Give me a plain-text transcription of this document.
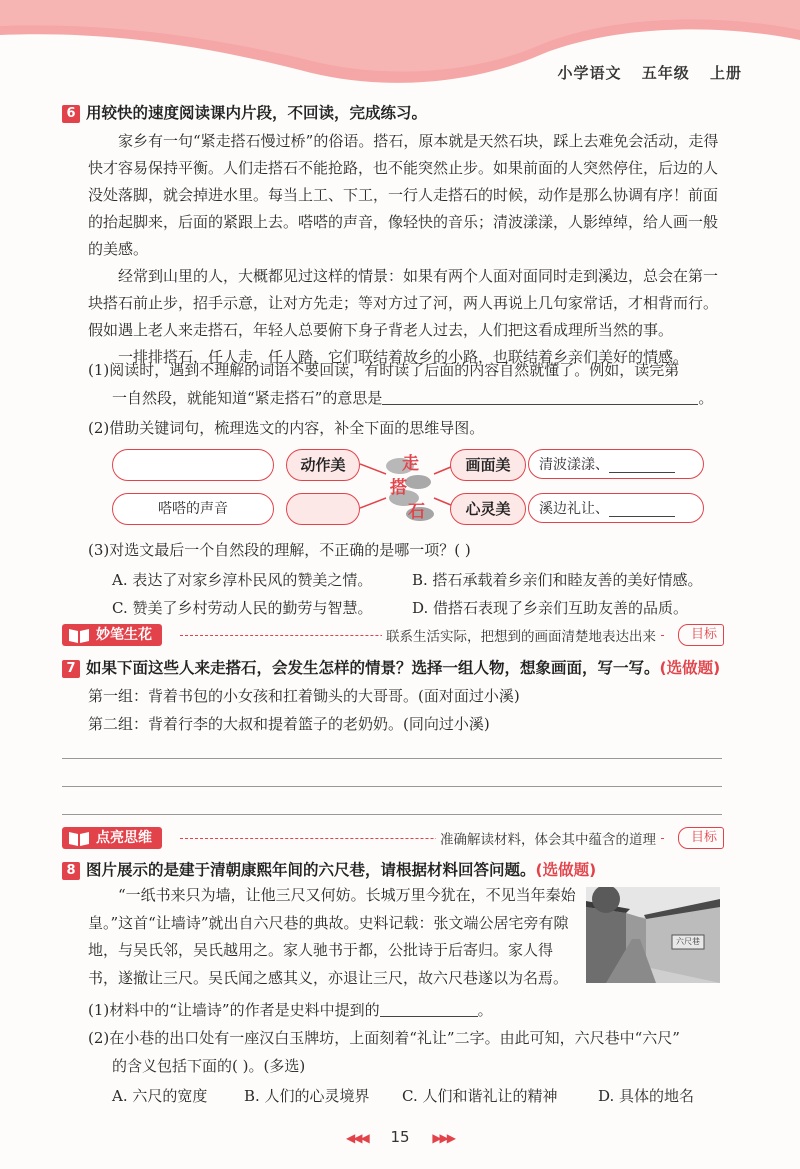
小学语文 五年级 上册
6 用较快的速度阅读课内片段，不回读，完成练习。

家乡有一句“紧走搭石慢过桥”的俗语。搭石，原本就是天然石块，踩上去难免会活动，走得快才容易保持平衡。人们走搭石不能抢路，也不能突然止步。如果前面的人突然停住，后边的人没处落脚，就会掉进水里。每当上工、下工，一行人走搭石的时候，动作是那么协调有序！前面的抬起脚来，后面的紧跟上去。嗒嗒的声音，像轻快的音乐；清波漾漾，人影绰绰，给人画一般的美感。

经常到山里的人，大概都见过这样的情景：如果有两个人面对面同时走到溪边，总会在第一块搭石前止步，招手示意，让对方先走；等对方过了河，两人再说上几句家常话，才相背而行。假如遇上老人来走搭石，年轻人总要俯下身子背老人过去，人们把这看成理所当然的事。

一排排搭石，任人走，任人踏，它们联结着故乡的小路，也联结着乡亲们美好的情感。

(1)阅读时，遇到不理解的词语不要回读，有时读了后面的内容自然就懂了。例如，读完第
一自然段，就能知道“紧走搭石”的意思是	。
(2)借助关键词句，梳理选文的内容，补全下面的思维导图。
动作美
嗒嗒的声音
走
搭
石
画面美	清波漾漾、
心灵美	溪边礼让、
(3)对选文最后一个自然段的理解，不正确的是哪一项？( )
A. 表达了对家乡淳朴民风的赞美之情。	B. 搭石承载着乡亲们和睦友善的美好情感。
C. 赞美了乡村劳动人民的勤劳与智慧。	D. 借搭石表现了乡亲们互助友善的品质。
妙笔生花	联系生活实际，把想到的画面清楚地表达出来	目标
7 如果下面这些人来走搭石，会发生怎样的情景？选择一组人物，想象画面，写一写。(选做题)
第一组：背着书包的小女孩和扛着锄头的大哥哥。(面对面过小溪)
第二组：背着行李的大叔和提着篮子的老奶奶。(同向过小溪)
点亮思维	准确解读材料，体会其中蕴含的道理	目标
8 图片展示的是建于清朝康熙年间的六尺巷，请根据材料回答问题。(选做题)

“一纸书来只为墙，让他三尺又何妨。长城万里今犹在，不见当年秦始皇。”这首“让墙诗”就出自六尺巷的典故。史料记载：张文端公居宅旁有隙地，与吴氏邻，吴氏越用之。家人驰书于都，公批诗于后寄归。家人得书，遂撤让三尺。吴氏闻之感其义，亦退让三尺，故六尺巷遂以为名焉。

六尺巷
(1)材料中的“让墙诗”的作者是史料中提到的	。
(2)在小巷的出口处有一座汉白玉牌坊，上面刻着“礼让”二字。由此可知，六尺巷中“六尺”
的含义包括下面的( )。(多选)
A. 六尺的宽度 B. 人们的心灵境界 C. 人们和谐礼让的精神	D. 具体的地名
◀◀◀ 15 ▶▶▶
